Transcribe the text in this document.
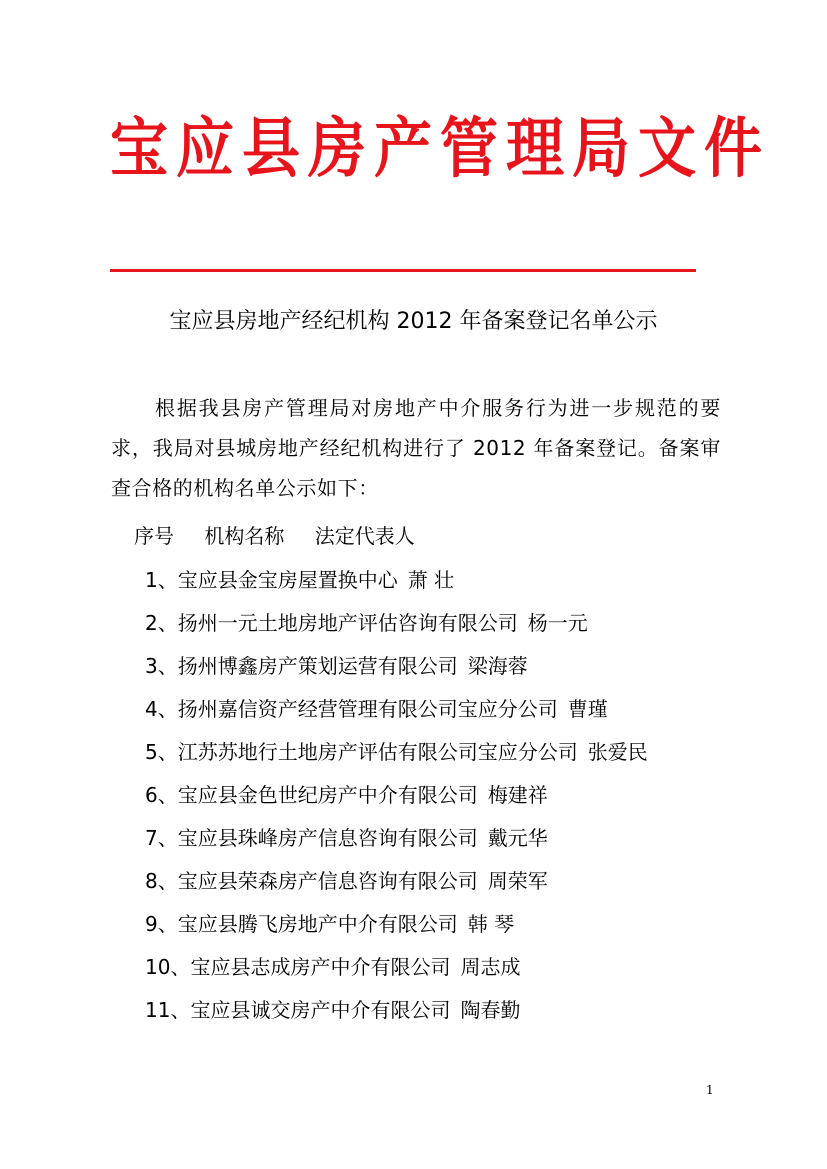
宝应县房产管理局文件
宝应县房地产经纪机构 2012 年备案登记名单公示

根据我县房产管理局对房地产中介服务行为进一步规范的要求，我局对县城房地产经纪机构进行了 2012 年备案登记。备案审查合格的机构名单公示如下：

序号 机构名称 法定代表人
1、宝应县金宝房屋置换中心 萧 壮
2、扬州一元土地房地产评估咨询有限公司 杨一元
3、扬州博鑫房产策划运营有限公司 梁海蓉
4、扬州嘉信资产经营管理有限公司宝应分公司 曹瑾
5、江苏苏地行土地房产评估有限公司宝应分公司 张爱民
6、宝应县金色世纪房产中介有限公司 梅建祥
7、宝应县珠峰房产信息咨询有限公司 戴元华
8、宝应县荣森房产信息咨询有限公司 周荣军
9、宝应县腾飞房地产中介有限公司 韩 琴
10、宝应县志成房产中介有限公司 周志成
11、宝应县诚交房产中介有限公司 陶春勤
1
